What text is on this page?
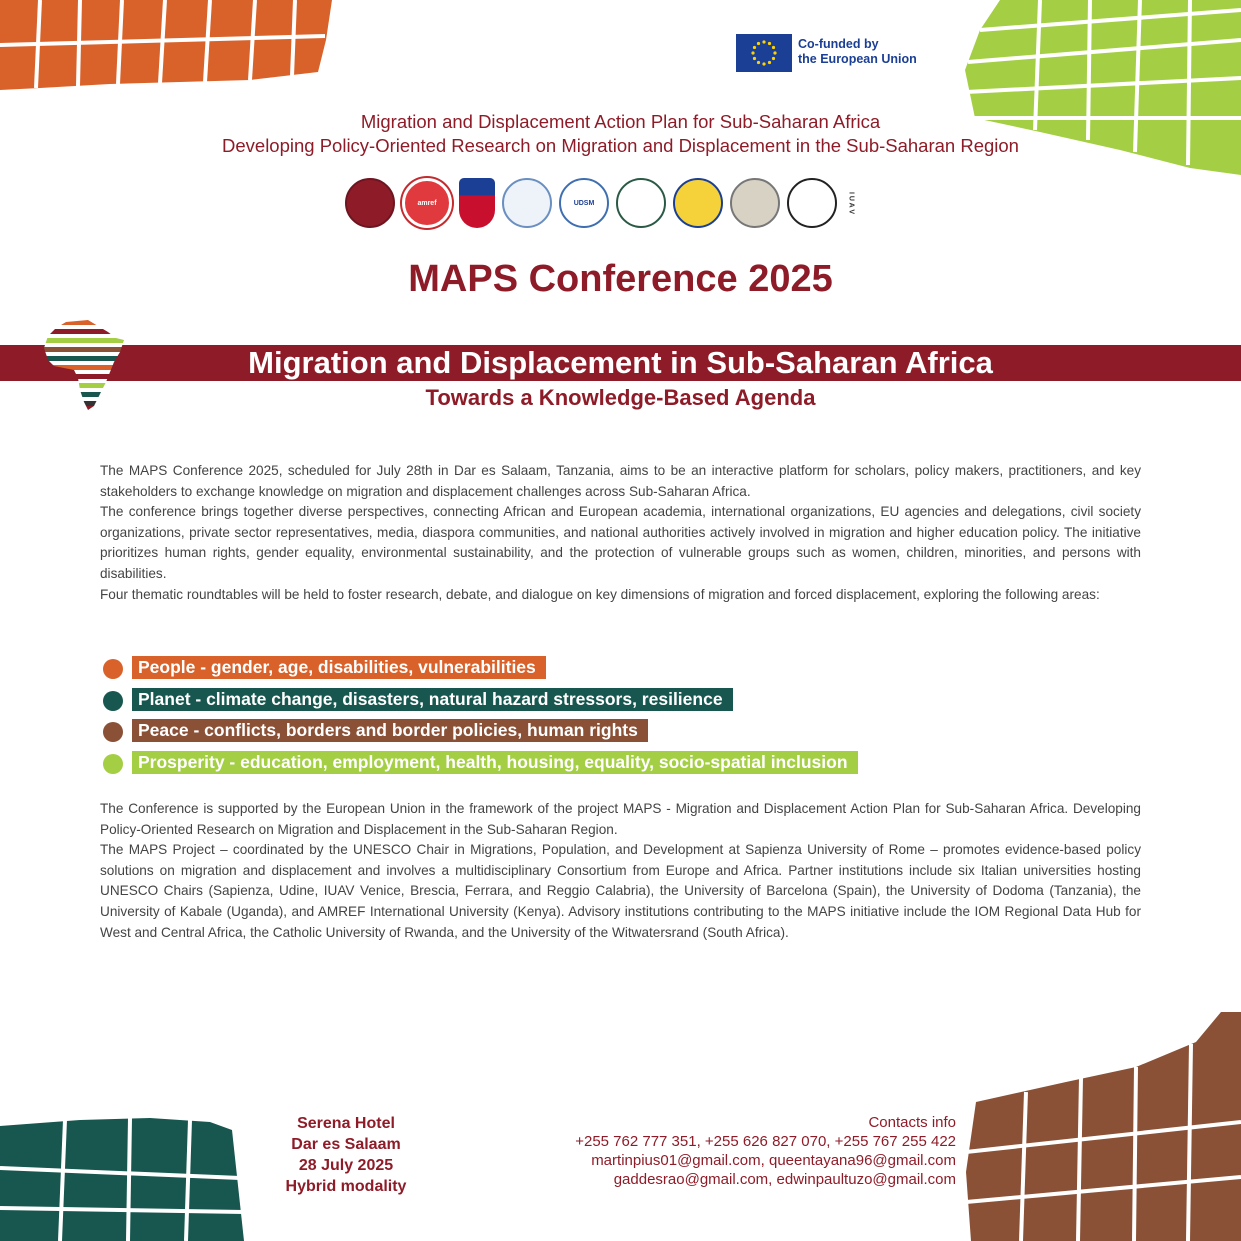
Co-funded by
the European Union
Migration and Displacement Action Plan for Sub-Saharan Africa
Developing Policy-Oriented Research on Migration and Displacement in the Sub-Saharan Region
amref	UDSM	I U A V
MAPS Conference 2025
Migration and Displacement in Sub-Saharan Africa
Towards a Knowledge-Based Agenda

The MAPS Conference 2025, scheduled for July 28th in Dar es Salaam, Tanzania, aims to be an interactive platform for scholars, policy makers, practitioners, and key stakeholders to exchange knowledge on migration and displacement challenges across Sub-Saharan Africa.

The conference brings together diverse perspectives, connecting African and European academia, international organizations, EU agencies and delegations, civil society organizations, private sector representatives, media, diaspora communities, and national authorities actively involved in migration and higher education policy. The initiative prioritizes human rights, gender equality, environmental sustainability, and the protection of vulnerable groups such as women, children, minorities, and persons with disabilities.

Four thematic roundtables will be held to foster research, debate, and dialogue on key dimensions of migration and forced displacement, exploring the following areas:

People - gender, age, disabilities, vulnerabilities
Planet - climate change, disasters, natural hazard stressors, resilience
Peace - conflicts, borders and border policies, human rights
Prosperity - education, employment, health, housing, equality, socio-spatial inclusion

The Conference is supported by the European Union in the framework of the project MAPS - Migration and Displacement Action Plan for Sub-Saharan Africa. Developing Policy-Oriented Research on Migration and Displacement in the Sub-Saharan Region.

The MAPS Project – coordinated by the UNESCO Chair in Migrations, Population, and Development at Sapienza University of Rome – promotes evidence-based policy solutions on migration and displacement and involves a multidisciplinary Consortium from Europe and Africa. Partner institutions include six Italian universities hosting UNESCO Chairs (Sapienza, Udine, IUAV Venice, Brescia, Ferrara, and Reggio Calabria), the University of Barcelona (Spain), the University of Dodoma (Tanzania), the University of Kabale (Uganda), and AMREF International University (Kenya). Advisory institutions contributing to the MAPS initiative include the IOM Regional Data Hub for West and Central Africa, the Catholic University of Rwanda, and the University of the Witwatersrand (South Africa).

Serena Hotel
Dar es Salaam
28 July 2025
Hybrid modality
Contacts info
+255 762 777 351, +255 626 827 070, +255 767 255 422
martinpius01@gmail.com, queentayana96@gmail.com
gaddesrao@gmail.com, edwinpaultuzo@gmail.com
